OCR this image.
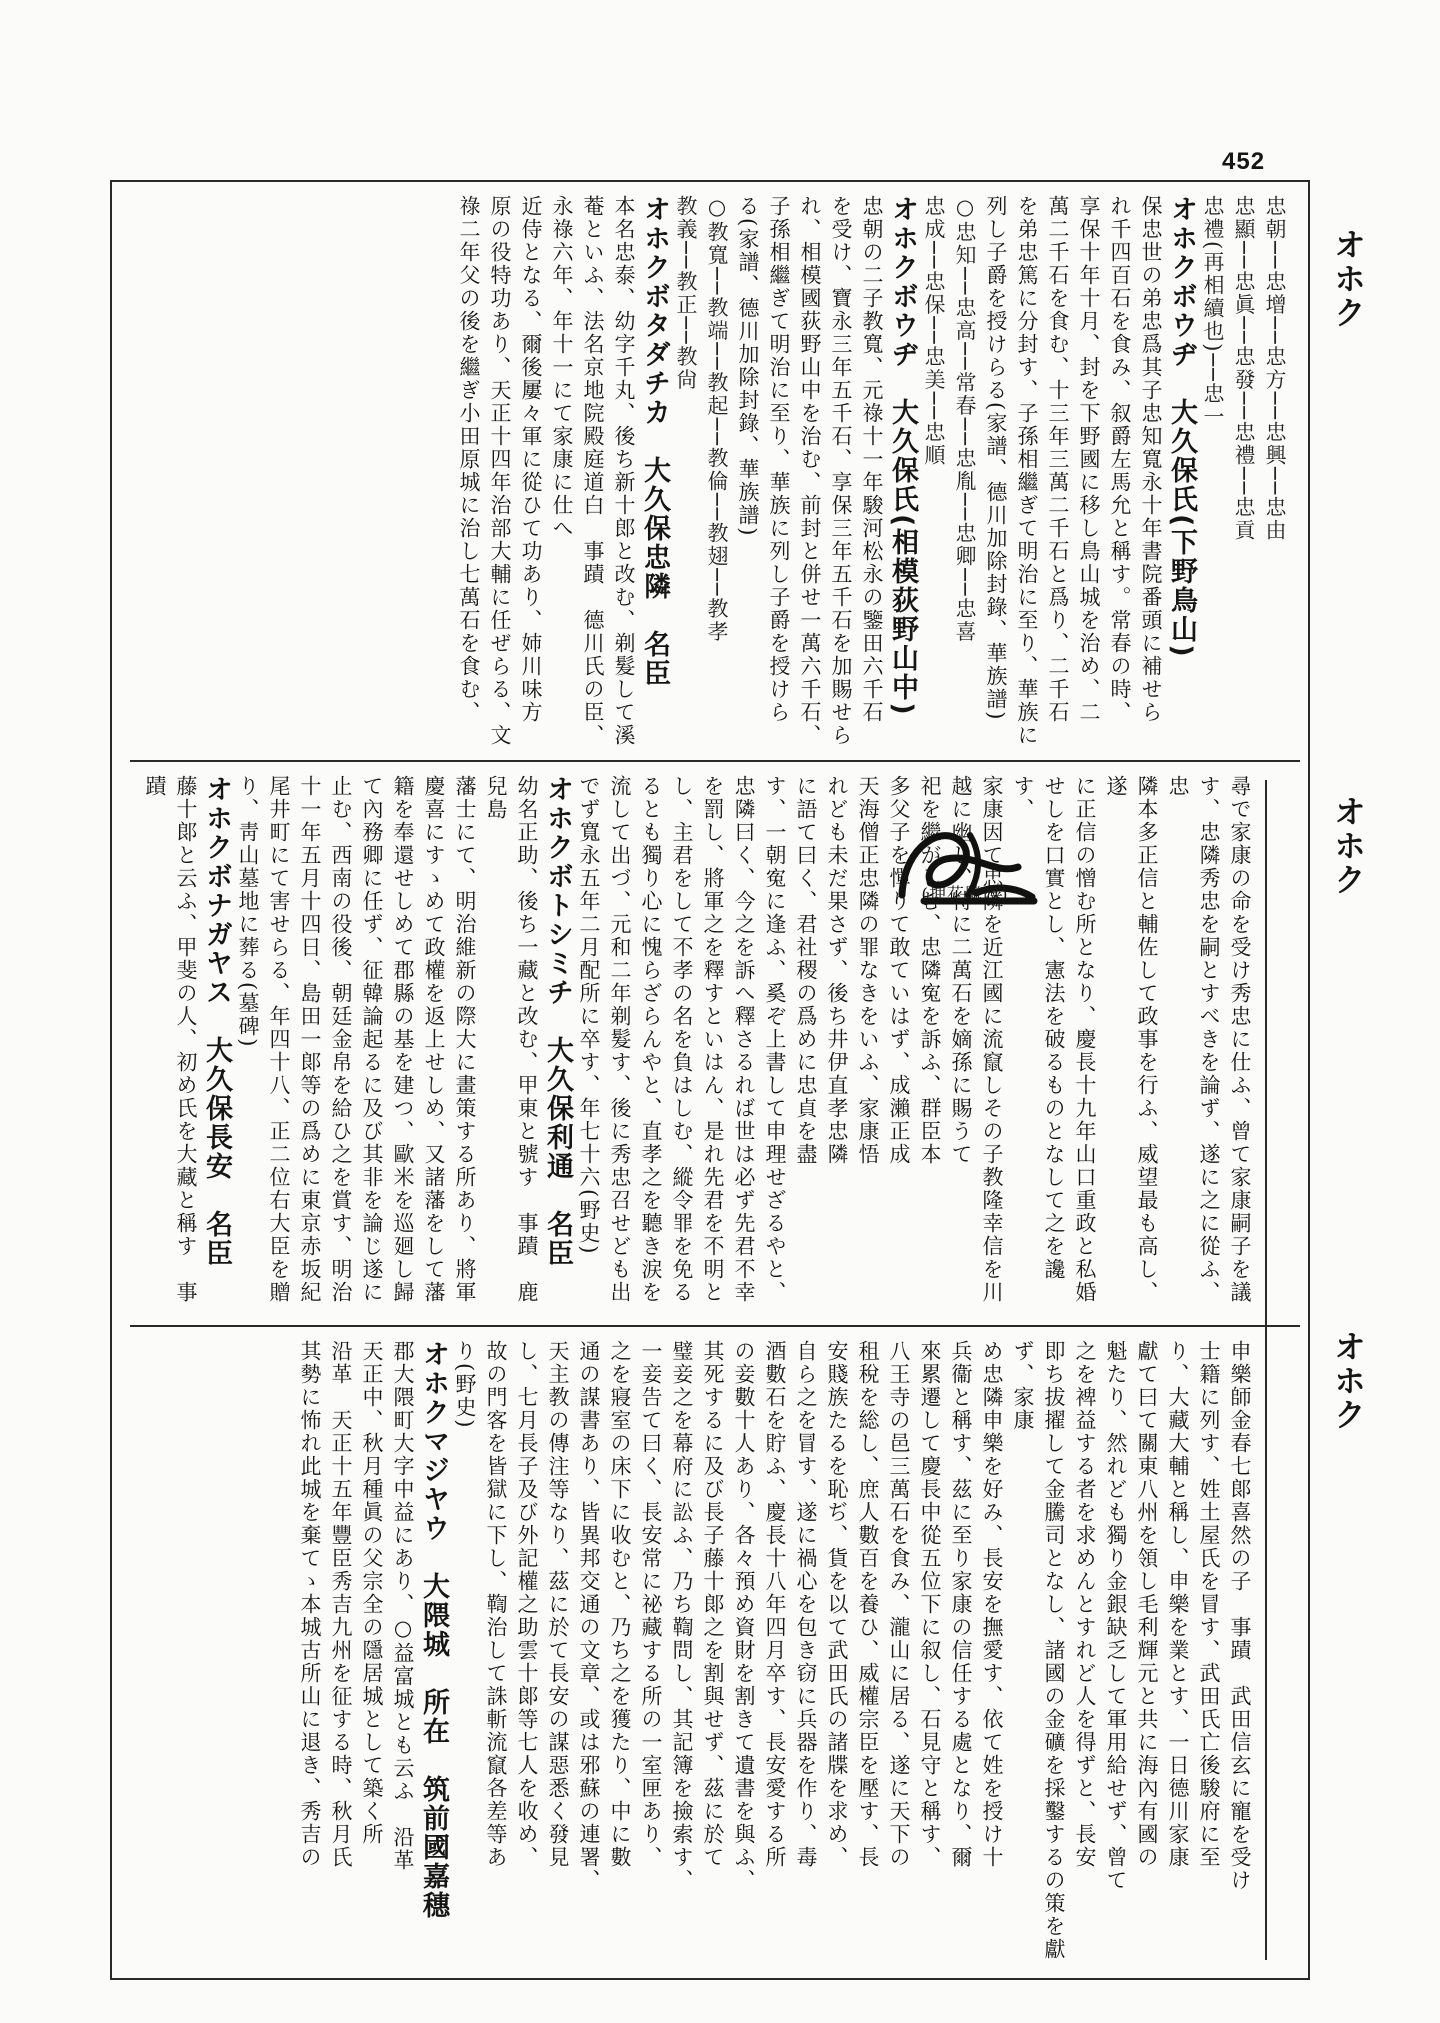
452
オホク
オホク
オホク

忠朝──忠增──忠方──忠興──忠由

忠顯──忠眞──忠發──忠禮──忠貢

忠禮(再相續也)──忠一

オホクボウヂ　大久保氏(下野鳥山)

保忠世の弟忠爲其子忠知寬永十年書院番頭に補せら

れ千四百石を食み、叙爵左馬允と稱す。常春の時、

享保十年十月、封を下野國に移し鳥山城を治め、二

萬二千石を食む、十三年三萬二千石と爲り、二千石

を弟忠篤に分封す、子孫相繼ぎて明治に至り、華族に

列し子爵を授けらる(家譜、德川加除封錄、華族譜)

○忠知──忠高──常春──忠胤──忠卿──忠喜

忠成──忠保──忠美──忠順

オホクボウヂ　大久保氏(相模荻野山中)

忠朝の二子教寬、元祿十一年駿河松永の鑒田六千石

を受け、寶永三年五千石、享保三年五千石を加賜せら

れ、相模國荻野山中を治む、前封と併せ一萬六千石、

子孫相繼ぎて明治に至り、華族に列し子爵を授けら

る(家譜、德川加除封錄、華族譜)

○教寬──教端──教起──教倫──教翅──教孝

教義──教正──教尙

オホクボタダチカ　大久保忠隣　名臣

本名忠泰、幼字千丸、後ち新十郎と改む、剃髮して溪

菴といふ、法名京地院殿庭道白　事蹟　德川氏の臣、永祿六年、年十一にて家康に仕へ

近侍となる、爾後屢々軍に從ひて功あり、姉川味方

原の役特功あり、天正十四年治部大輔に任ぜらる、文

祿二年父の後を繼ぎ小田原城に治し七萬石を食む、

尋で家康の命を受け秀忠に仕ふ、曾て家康嗣子を議

す、忠隣秀忠を嗣とすべきを論ず、遂に之に從ふ、忠

隣本多正信と輔佐して政事を行ふ、威望最も高し、遂

に正信の憎む所となり、慶長十九年山口重政と私婚

せしを口實とし、憲法を破るものとなして之を讒す、

家康因て忠隣を近江國に流竄しその子教隆幸信を川

越に幽し、特に二萬石を嫡孫に賜うて

祀を繼がしむ、忠隣寃を訴ふ、群臣本

多父子を憚りて敢ていはず、成瀨正成

天海僧正忠隣の罪なきをいふ、家康悟

れども未だ果さず、後ち井伊直孝忠隣

に語て曰く、君社稷の爲めに忠貞を盡

す、一朝寃に逢ふ、奚ぞ上書して申理せざるやと、

忠隣曰く、今之を訴へ釋さるれば世は必ず先君不幸

を罰し、將軍之を釋すといはん、是れ先君を不明と

し、主君をして不孝の名を負はしむ、縱令罪を免る

るとも獨り心に愧らざらんやと、直孝之を聽き涙を

流して出づ、元和二年剃髮す、後に秀忠召せども出

でず寬永五年二月配所に卒す、年七十六(野史)

オホクボトシミチ　大久保利通　名臣

幼名正助、後ち一藏と改む、甲東と號す　事蹟　鹿兒島

藩士にて、明治維新の際大に畫策する所あり、將軍

慶喜にすゝめて政權を返上せしめ、又諸藩をして藩

籍を奉還せしめて郡縣の基を建つ、歐米を巡廻し歸

て內務卿に任ず、征韓論起るに及び其非を論じ遂に

止む、西南の役後、朝廷金帛を給ひ之を賞す、明治

十一年五月十四日、島田一郞等の爲めに東京赤坂紀

尾井町にて害せらる、年四十八、正二位右大臣を贈

り、靑山墓地に葬る(墓碑)

オホクボナガヤス　大久保長安　名臣

藤十郞と云ふ、甲斐の人、初め氏を大藏と稱す　事蹟

(押花隣忠)

申樂師金春七郞喜然の子　事蹟　武田信玄に寵を受け

士籍に列す、姓土屋氏を冒す、武田氏亡後駿府に至

り、大藏大輔と稱し、申樂を業とす、一日德川家康

獻て曰て關東八州を領し毛利輝元と共に海內有國の

魁たり、然れども獨り金銀缺乏して軍用給せず、曾て

之を裨益する者を求めんとすれど人を得ずと、長安

即ち拔擢して金騰司となし、諸國の金礦を採鑿するの策を獻ず、家康

め忠隣申樂を好み、長安を撫愛す、依て姓を授け十

兵衞と稱す、茲に至り家康の信任する處となり、爾

來累遷して慶長中從五位下に叙し、石見守と稱す、

八王寺の邑三萬石を食み、瀧山に居る、遂に天下の

租稅を総し、庶人數百を養ひ、威權宗臣を壓す、長

安賤族たるを恥ぢ、貨を以て武田氏の諸牒を求め、

自ら之を冒す、遂に禍心を包き窃に兵器を作り、毒

酒數石を貯ふ、慶長十八年四月卒す、長安愛する所

の妾數十人あり、各々預め資財を割きて遺書を與ふ、

其死するに及び長子藤十郞之を割與せず、茲に於て

璧妾之を幕府に訟ふ、乃ち鞫問し、其記簿を撿索す、

一妾告て曰く、長安常に祕藏する所の一室匣あり、

之を寢室の床下に收むと、乃ち之を獲たり、中に數

通の謀書あり、皆異邦交通の文章、或は邪蘇の連署、

天主教の傳注等なり、茲に於て長安の謀惡悉く發見

し、七月長子及び外記權之助雲十郞等七人を收め、

故の門客を皆獄に下し、鞫治して誅斬流竄各差等あ

り(野史)

オホクマジヤウ　大隈城　所在　筑前國嘉穗

郡大隈町大字中益にあり、○益富城とも云ふ　沿革

天正中、秋月種眞の父宗全の隱居城として築く所

沿革　天正十五年豐臣秀吉九州を征する時、秋月氏

其勢に怖れ此城を棄てゝ本城古所山に退き、秀吉の
